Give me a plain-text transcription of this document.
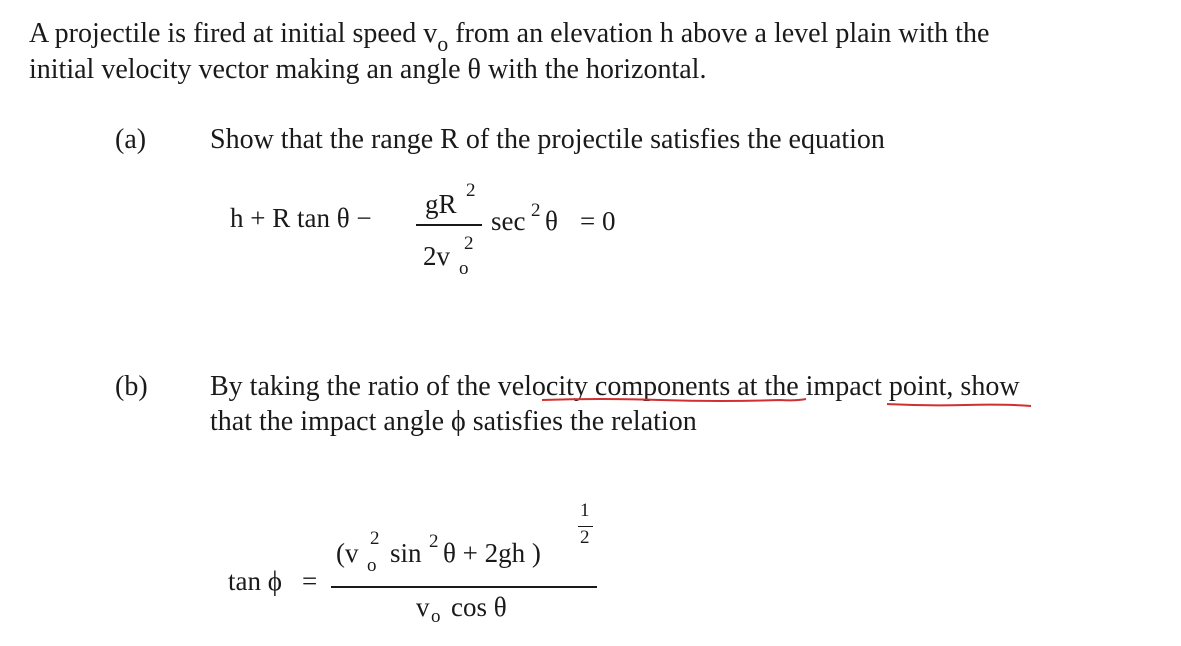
A projectile is fired at initial speed $v_o$ from an elevation h above a level plain with the
initial velocity vector making an angle θ with the horizontal.
(a) Show that the range R of the projectile satisfies the equation
h + R tan θ − gR 2
2v 2
o
sec 2 θ = 0
(b) By taking the ratio of the velocity components at the impact point, show
that the impact angle ϕ satisfies the relation
tan ϕ =
(v 2
o sin 2 θ + 2gh )
1
2
v o cos θ
